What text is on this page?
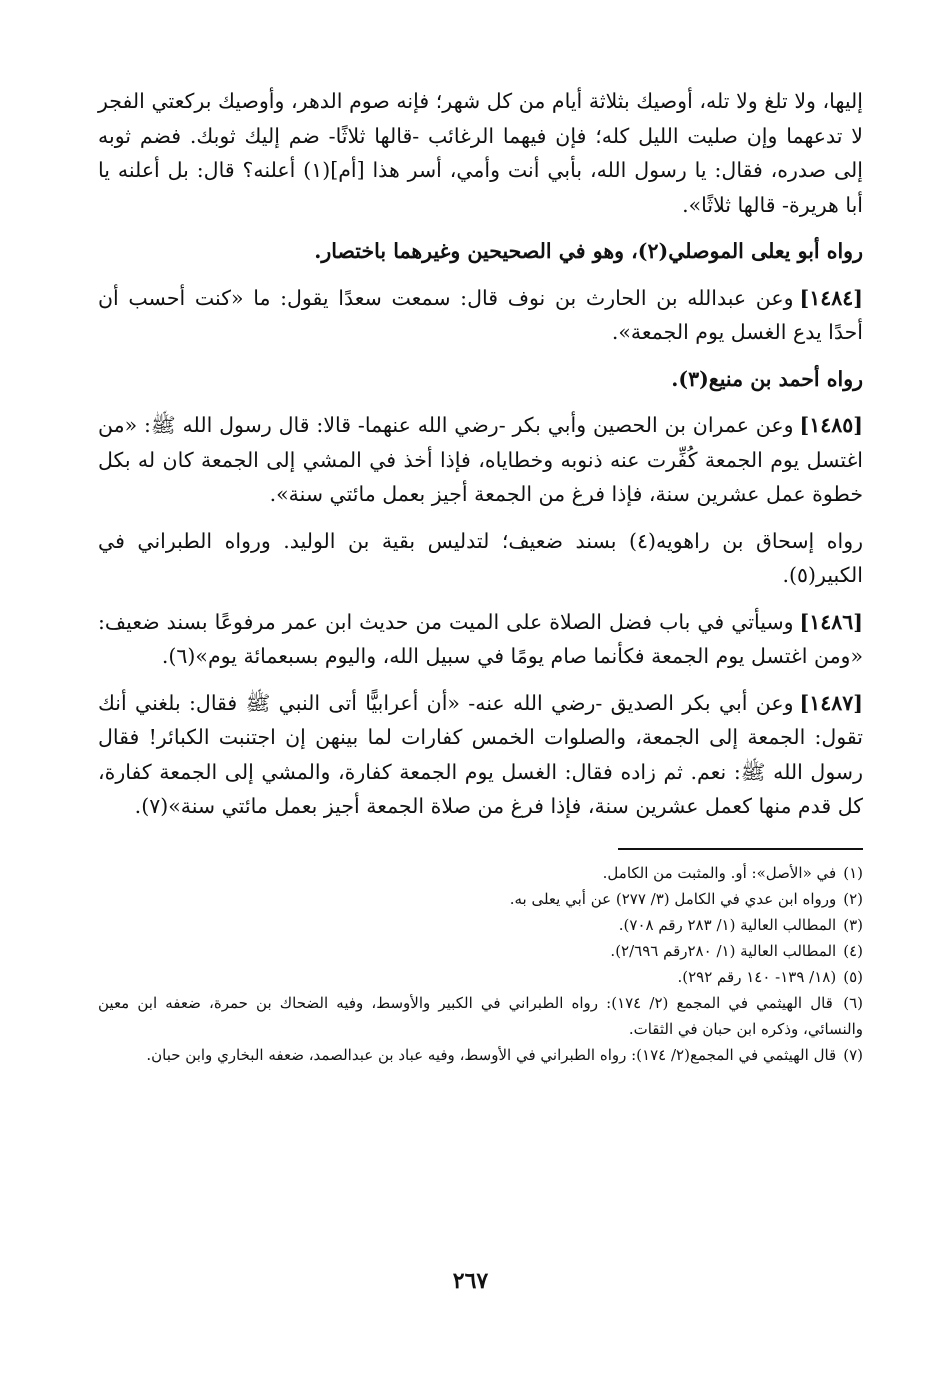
إليها، ولا تلغ ولا تله، أوصيك بثلاثة أيام من كل شهر؛ فإنه صوم الدهر، وأوصيك بركعتي الفجر لا تدعهما وإن صليت الليل كله؛ فإن فيهما الرغائب -قالها ثلاثًا- ضم إليك ثوبك. فضم ثوبه إلى صدره، فقال: يا رسول الله، بأبي أنت وأمي، أسر هذا [أم](١) أعلنه؟ قال: بل أعلنه يا أبا هريرة- قالها ثلاثًا».

رواه أبو يعلى الموصلي(٢)، وهو في الصحيحين وغيرهما باختصار.

[١٤٨٤]وعن عبدالله بن الحارث بن نوف قال: سمعت سعدًا يقول: ما «كنت أحسب أن أحدًا يدع الغسل يوم الجمعة».

رواه أحمد بن منيع(٣).

[١٤٨٥]وعن عمران بن الحصين وأبي بكر -رضي الله عنهما- قالا: قال رسول الله ﷺ: «من اغتسل يوم الجمعة كُفِّرت عنه ذنوبه وخطاياه، فإذا أخذ في المشي إلى الجمعة كان له بكل خطوة عمل عشرين سنة، فإذا فرغ من الجمعة أجيز بعمل مائتي سنة».

رواه إسحاق بن راهويه(٤) بسند ضعيف؛ لتدليس بقية بن الوليد. ورواه الطبراني في الكبير(٥).

[١٤٨٦]وسيأتي في باب فضل الصلاة على الميت من حديث ابن عمر مرفوعًا بسند ضعيف: «ومن اغتسل يوم الجمعة فكأنما صام يومًا في سبيل الله، واليوم بسبعمائة يوم»(٦).

[١٤٨٧]وعن أبي بكر الصديق -رضي الله عنه- «أن أعرابيًّا أتى النبي ﷺ فقال: بلغني أنك تقول: الجمعة إلى الجمعة، والصلوات الخمس كفارات لما بينهن إن اجتنبت الكبائر! فقال رسول الله ﷺ: نعم. ثم زاده فقال: الغسل يوم الجمعة كفارة، والمشي إلى الجمعة كفارة، كل قدم منها كعمل عشرين سنة، فإذا فرغ من صلاة الجمعة أجيز بعمل مائتي سنة»(٧).

(١) في «الأصل»: أو. والمثبت من الكامل.

(٢) ورواه ابن عدي في الكامل (٣/ ٢٧٧) عن أبي يعلى به.

(٣) المطالب العالية (١/ ٢٨٣ رقم ٧٠٨).

(٤) المطالب العالية (١/ ٢٨٠رقم ٢/٦٩٦).

(٥) (١٨/ ١٣٩- ١٤٠ رقم ٢٩٢).

(٦) قال الهيثمي في المجمع (٢/ ١٧٤): رواه الطبراني في الكبير والأوسط، وفيه الضحاك بن حمرة، ضعفه ابن معين والنسائي، وذكره ابن حبان في الثقات.

(٧) قال الهيثمي في المجمع(٢/ ١٧٤): رواه الطبراني في الأوسط، وفيه عباد بن عبدالصمد، ضعفه البخاري وابن حبان.

٢٦٧
